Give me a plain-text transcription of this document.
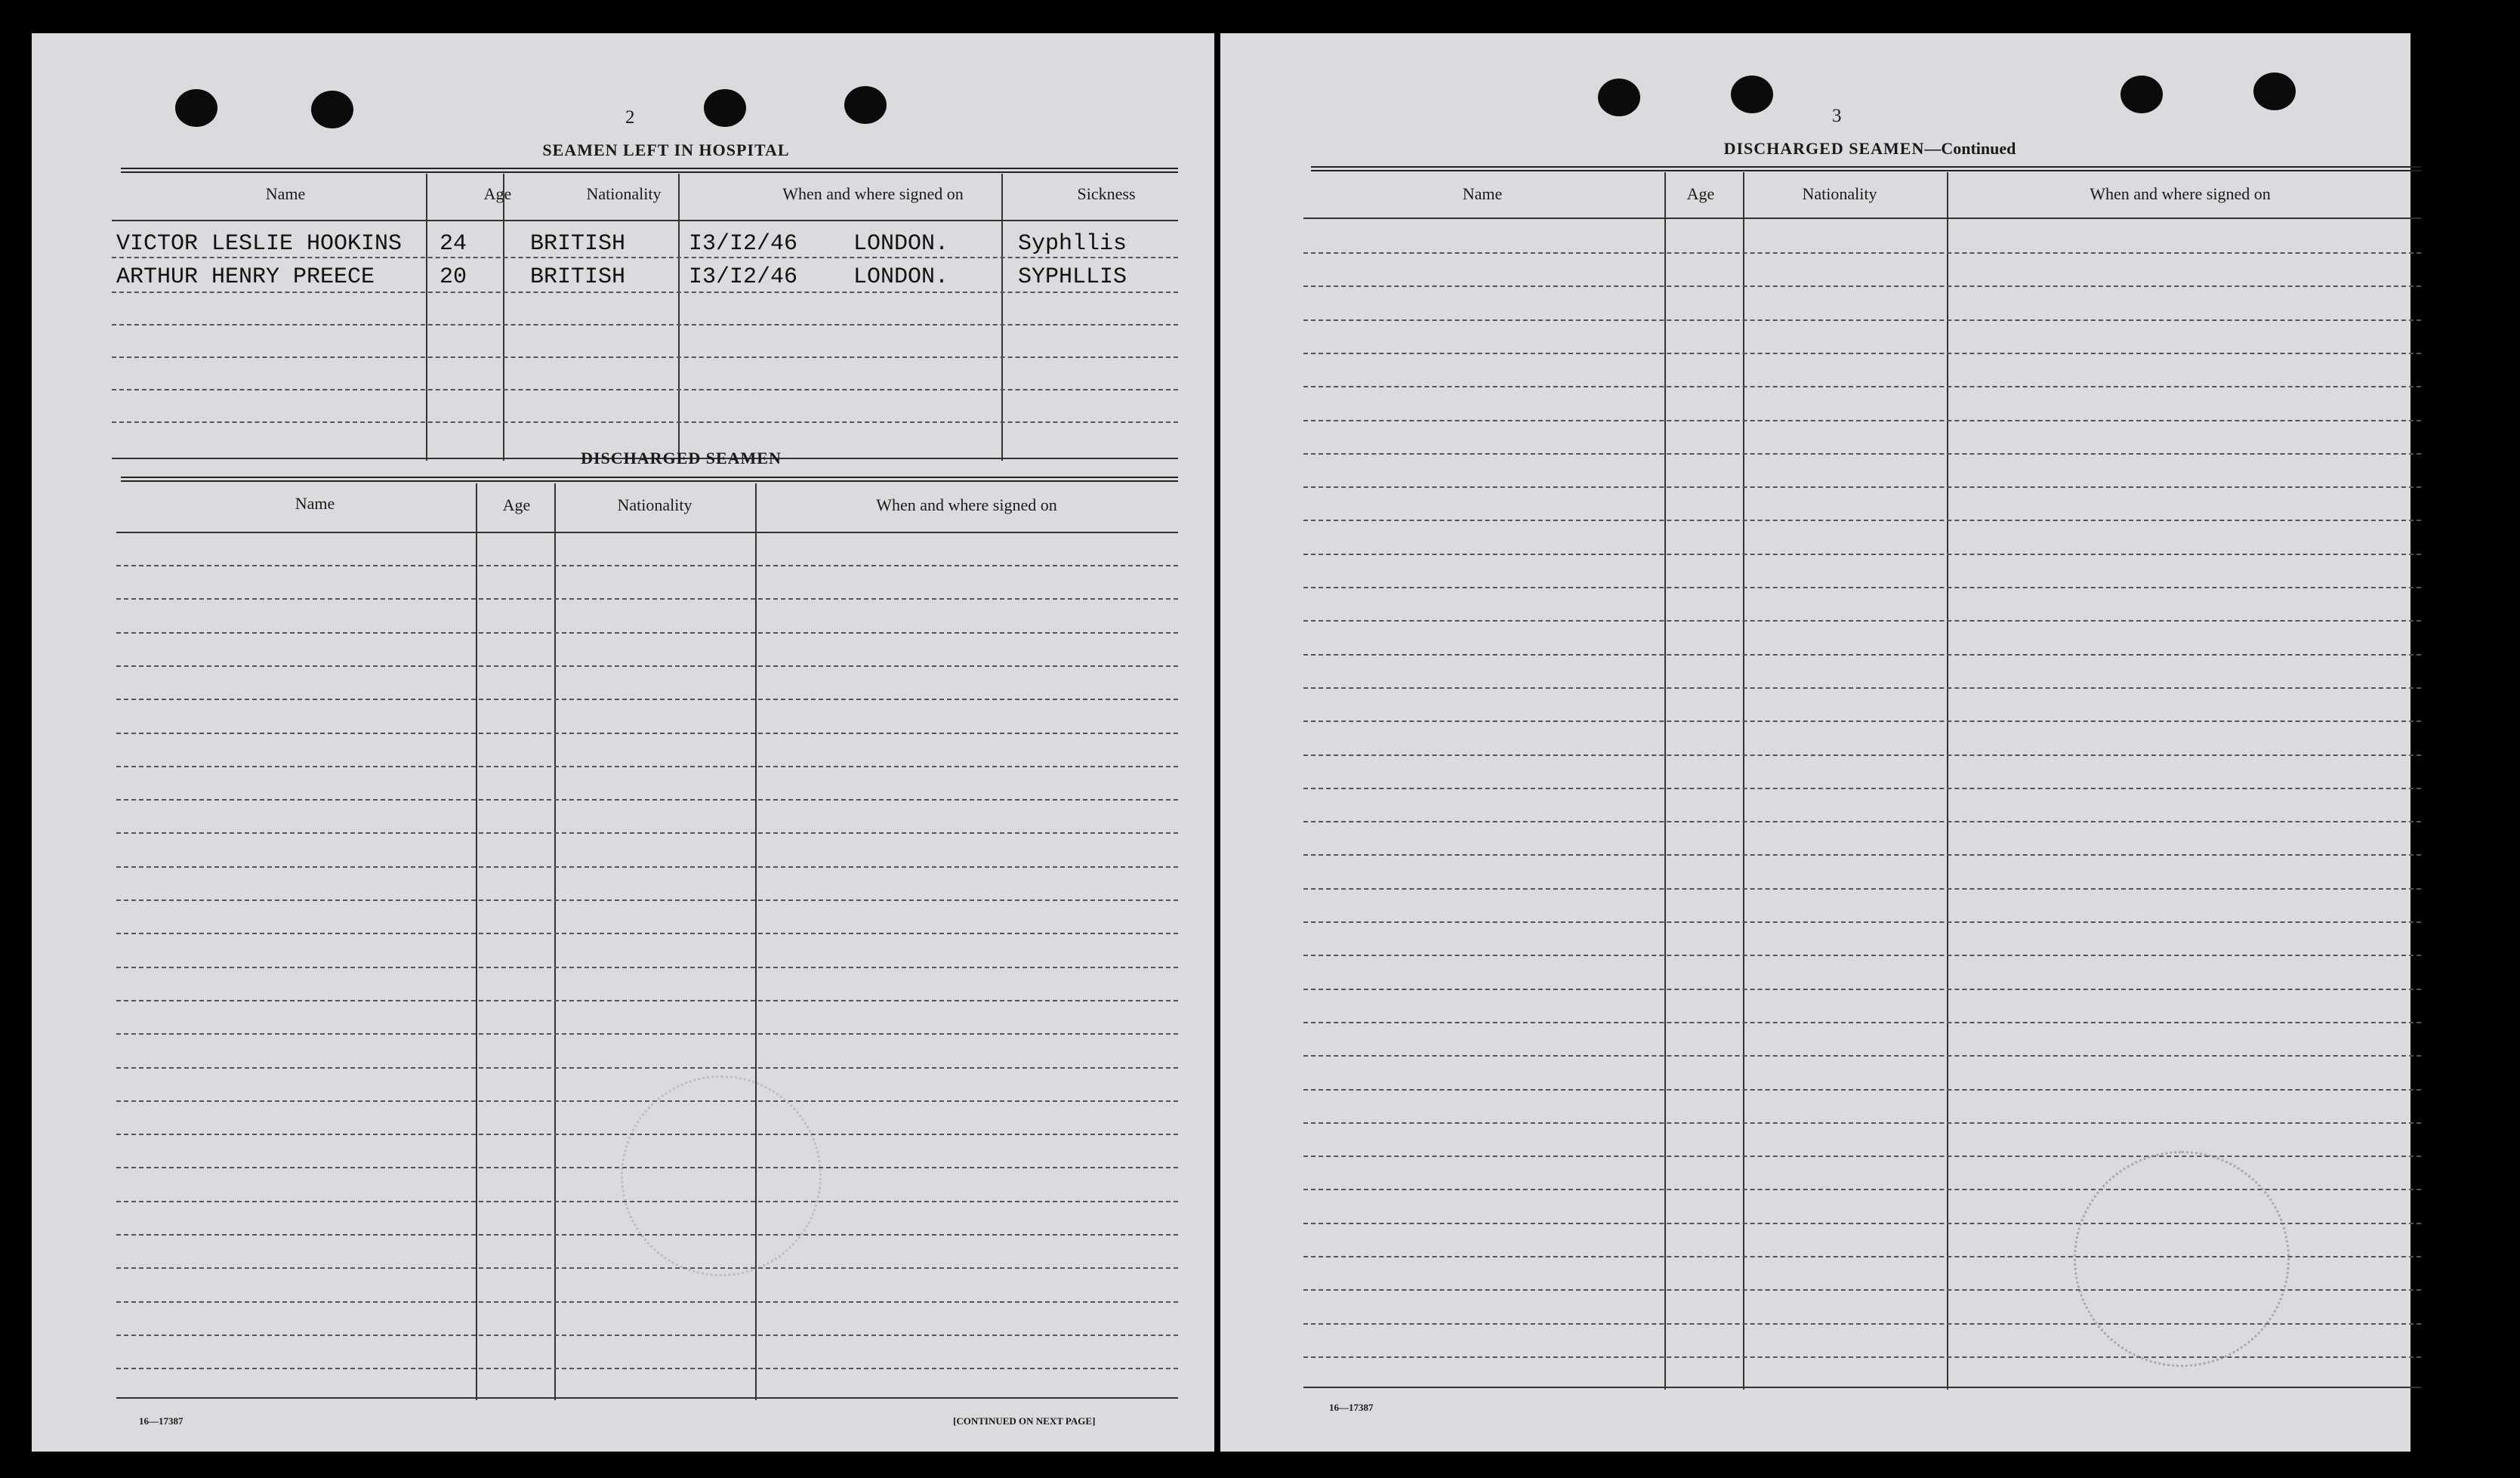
2
SEAMEN LEFT IN HOSPITAL
Name	Age	Nationality	When and where signed on	Sickness
VICTOR LESLIE HOOKINS 24	BRITISH	I3/I2/46 LONDON.	Syphllis
ARTHUR HENRY PREECE	20	BRITISH	I3/I2/46 LONDON.	SYPHLLIS
DISCHARGED SEAMEN
Name	Age	Nationality	When and where signed on
16—17387	[CONTINUED ON NEXT PAGE]
3
DISCHARGED SEAMEN—Continued
Name	Age	Nationality	When and where signed on
16—17387
